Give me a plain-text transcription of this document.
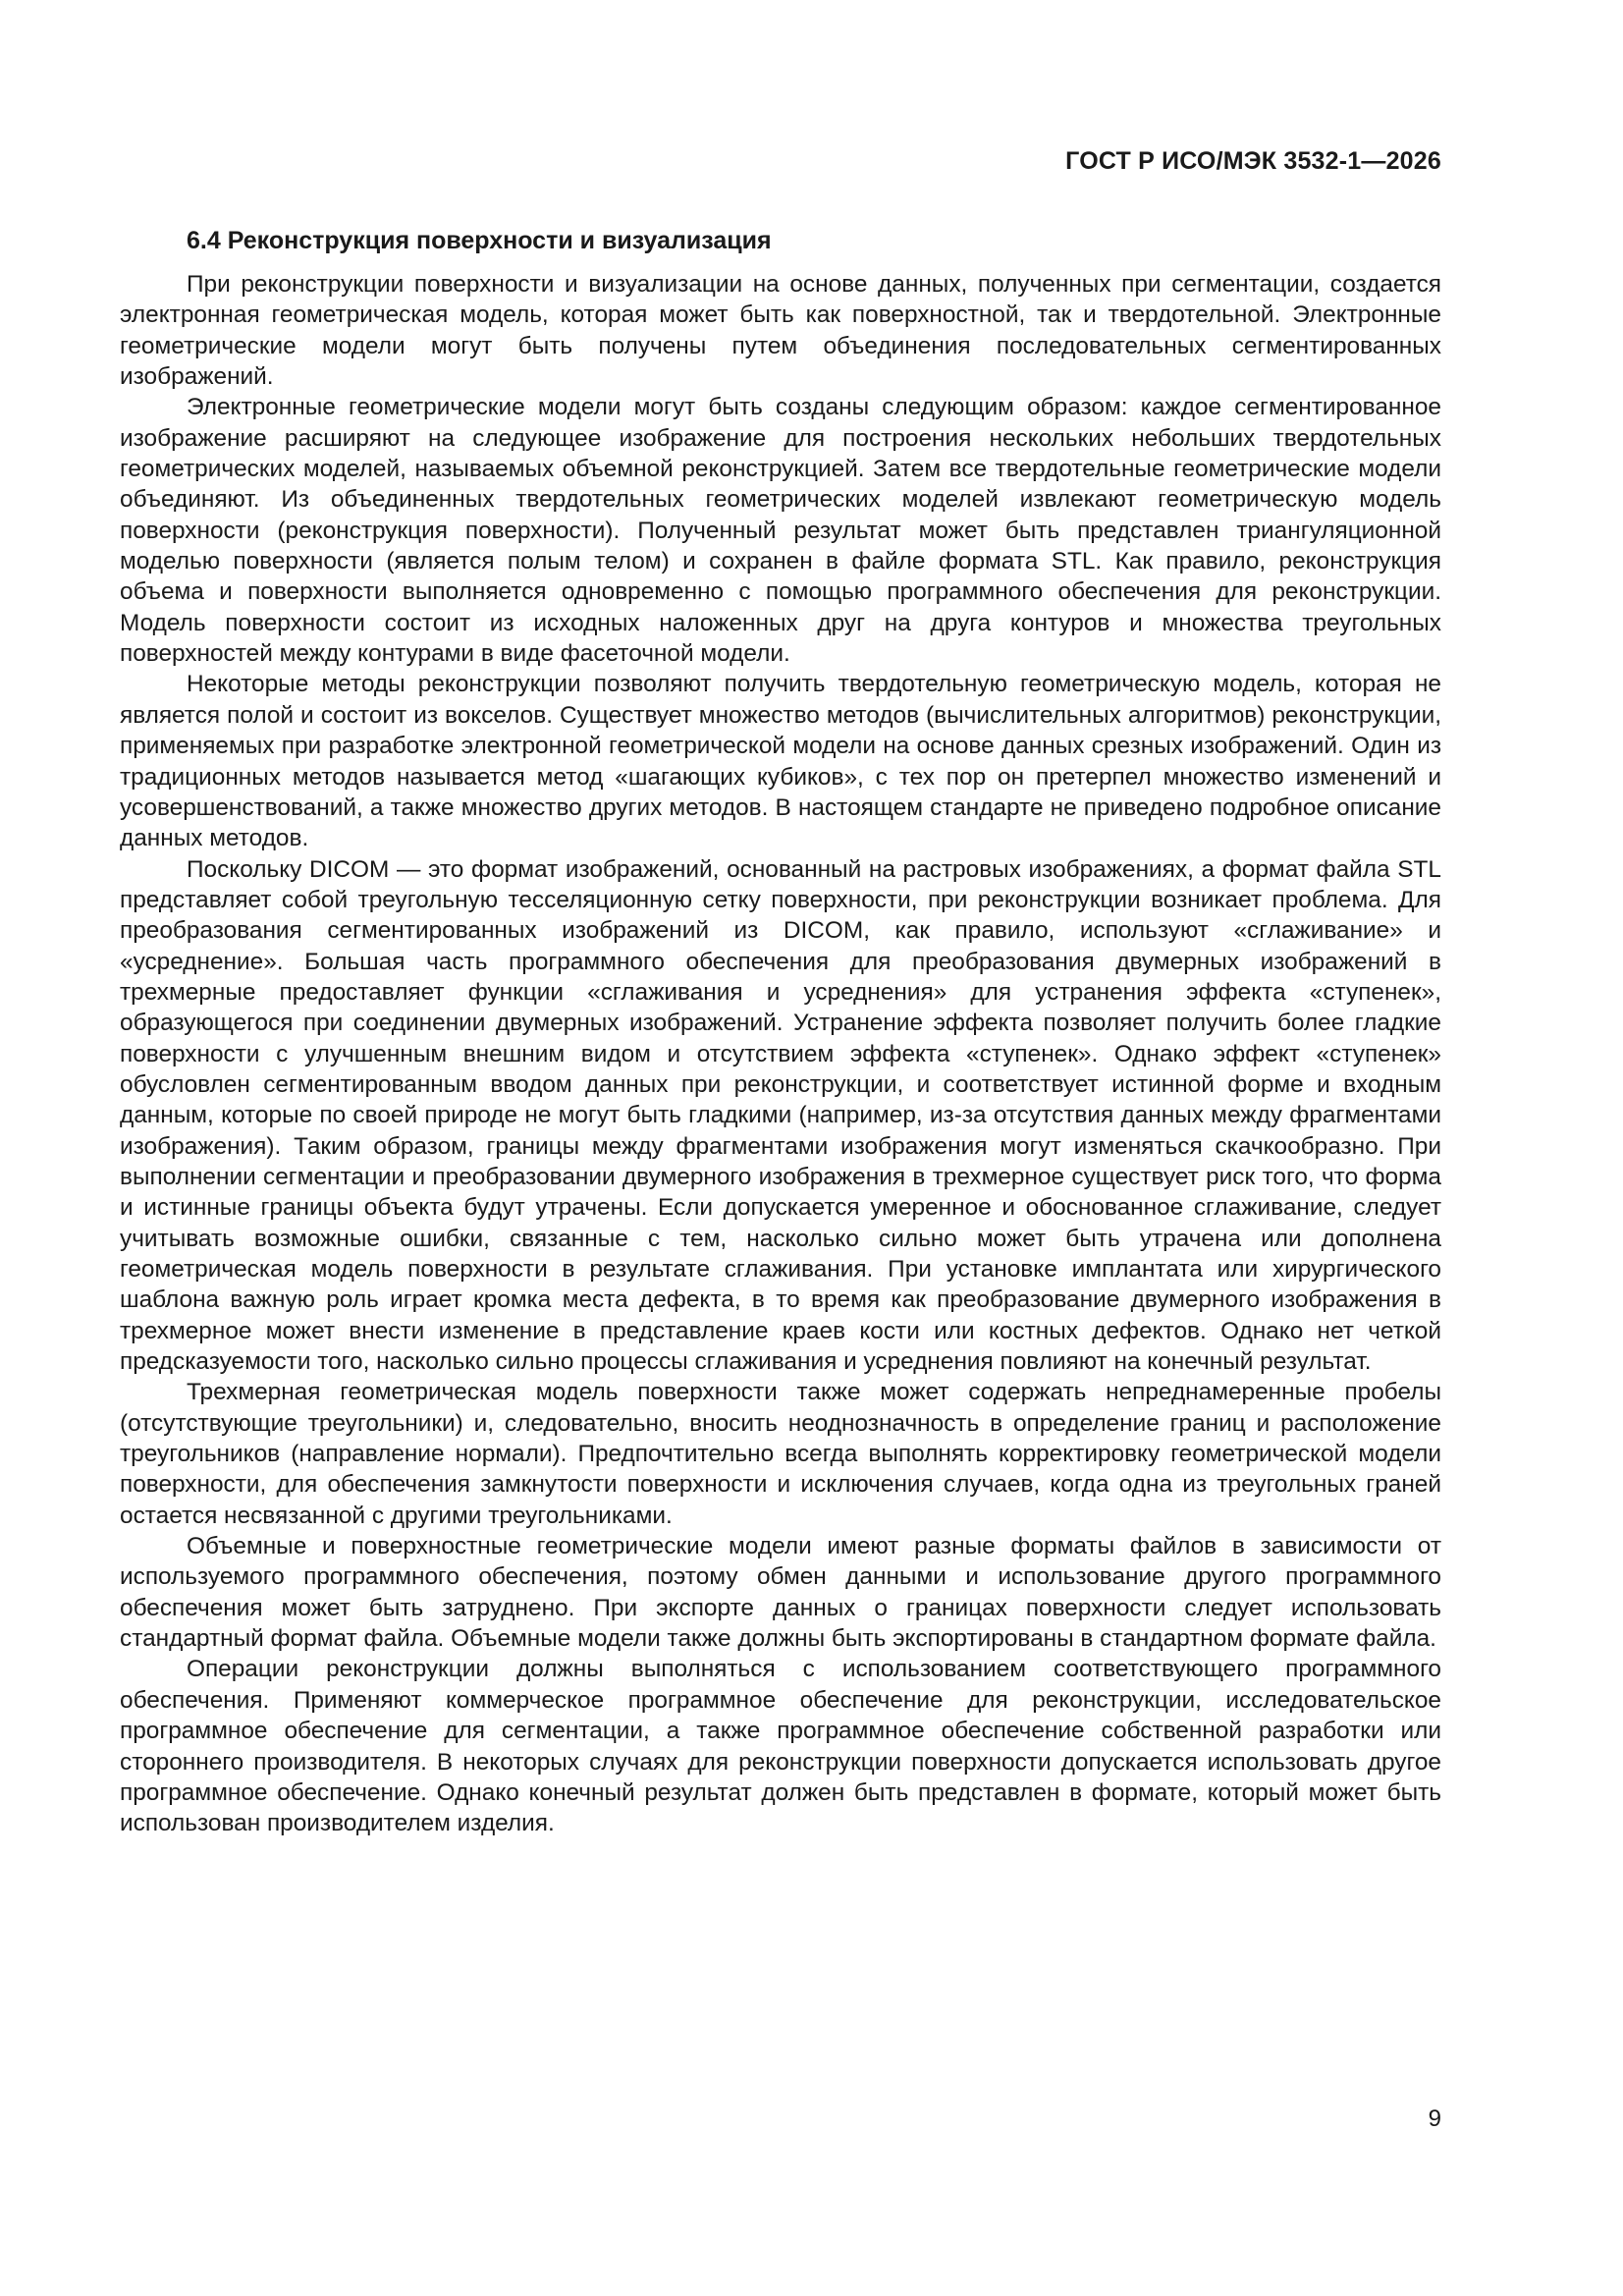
ГОСТ Р ИСО/МЭК 3532-1—2026
6.4 Реконструкция поверхности и визуализация

При реконструкции поверхности и визуализации на основе данных, полученных при сегментации, создается электронная геометрическая модель, которая может быть как поверхностной, так и твердотельной. Электронные геометрические модели могут быть получены путем объединения последовательных сегментированных изображений.

Электронные геометрические модели могут быть созданы следующим образом: каждое сегментированное изображение расширяют на следующее изображение для построения нескольких небольших твердотельных геометрических моделей, называемых объемной реконструкцией. Затем все твердотельные геометрические модели объединяют. Из объединенных твердотельных геометрических моделей извлекают геометрическую модель поверхности (реконструкция поверхности). Полученный результат может быть представлен триангуляционной моделью поверхности (является полым телом) и сохранен в файле формата STL. Как правило, реконструкция объема и поверхности выполняется одновременно с помощью программного обеспечения для реконструкции. Модель поверхности состоит из исходных наложенных друг на друга контуров и множества треугольных поверхностей между контурами в виде фасеточной модели.

Некоторые методы реконструкции позволяют получить твердотельную геометрическую модель, которая не является полой и состоит из вокселов. Существует множество методов (вычислительных алгоритмов) реконструкции, применяемых при разработке электронной геометрической модели на основе данных срезных изображений. Один из традиционных методов называется метод «шагающих кубиков», с тех пор он претерпел множество изменений и усовершенствований, а также множество других методов. В настоящем стандарте не приведено подробное описание данных методов.

Поскольку DICOM — это формат изображений, основанный на растровых изображениях, а формат файла STL представляет собой треугольную тесселяционную сетку поверхности, при реконструкции возникает проблема. Для преобразования сегментированных изображений из DICOM, как правило, используют «сглаживание» и «усреднение». Большая часть программного обеспечения для преобразования двумерных изображений в трехмерные предоставляет функции «сглаживания и усреднения» для устранения эффекта «ступенек», образующегося при соединении двумерных изображений. Устранение эффекта позволяет получить более гладкие поверхности с улучшенным внешним видом и отсутствием эффекта «ступенек». Однако эффект «ступенек» обусловлен сегментированным вводом данных при реконструкции, и соответствует истинной форме и входным данным, которые по своей природе не могут быть гладкими (например, из-за отсутствия данных между фрагментами изображения). Таким образом, границы между фрагментами изображения могут изменяться скачкообразно. При выполнении сегментации и преобразовании двумерного изображения в трехмерное существует риск того, что форма и истинные границы объекта будут утрачены. Если допускается умеренное и обоснованное сглаживание, следует учитывать возможные ошибки, связанные с тем, насколько сильно может быть утрачена или дополнена геометрическая модель поверхности в результате сглаживания. При установке имплантата или хирургического шаблона важную роль играет кромка места дефекта, в то время как преобразование двумерного изображения в трехмерное может внести изменение в представление краев кости или костных дефектов. Однако нет четкой предсказуемости того, насколько сильно процессы сглаживания и усреднения повлияют на конечный результат.

Трехмерная геометрическая модель поверхности также может содержать непреднамеренные пробелы (отсутствующие треугольники) и, следовательно, вносить неоднозначность в определение границ и расположение треугольников (направление нормали). Предпочтительно всегда выполнять корректировку геометрической модели поверхности, для обеспечения замкнутости поверхности и исключения случаев, когда одна из треугольных граней остается несвязанной с другими треугольниками.

Объемные и поверхностные геометрические модели имеют разные форматы файлов в зависимости от используемого программного обеспечения, поэтому обмен данными и использование другого программного обеспечения может быть затруднено. При экспорте данных о границах поверхности следует использовать стандартный формат файла. Объемные модели также должны быть экспортированы в стандартном формате файла.

Операции реконструкции должны выполняться с использованием соответствующего программного обеспечения. Применяют коммерческое программное обеспечение для реконструкции, исследовательское программное обеспечение для сегментации, а также программное обеспечение собственной разработки или стороннего производителя. В некоторых случаях для реконструкции поверхности допускается использовать другое программное обеспечение. Однако конечный результат должен быть представлен в формате, который может быть использован производителем изделия.

9
